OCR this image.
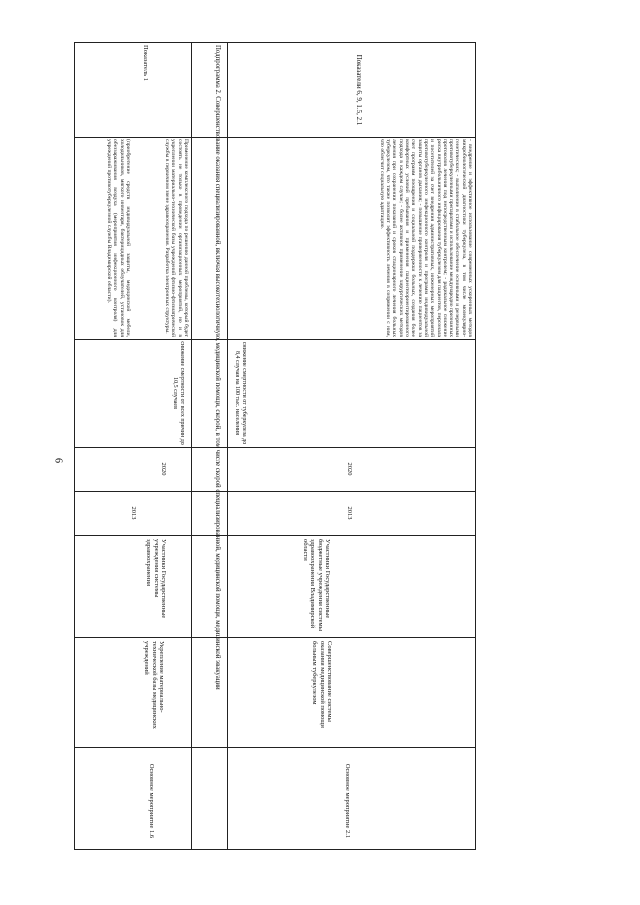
6
Основное мероприятие 1.6
Укрепление материально-технической базы медицинских учреждений
Участники Государственные учреждения системы здравоохранения
2013
2020
снижение смертности от всех причин до 10,5 случаев
(приобретение средств индивидуальной защиты, медицинской мебели, холодильников, мягкого инвентаря, бактерицидных облучателей, установок для обеззараживания воздуха (мероприятия инфекционного контроля) для учреждений противотуберкулезной службы Владимирской области).	Применение комплексного подхода по решению данной проблемы, который будет состоять не только в проведении организационных мероприятий, но и в укреплении материально-технической базы учреждений фтизио-фтизиатрической службы в первичном звене здравоохранения. Разработка электронных структуры.
Показатель 1	Подпрограмма 2. Совершенствование оказания специализированной, включая высокотехнологичную, медицинской помощи, скорой, в том числе скорой специализированной, медицинской помощи, медицинской эвакуации
Основное мероприятие 2.1
Совершенствование системы оказания медицинской помощи больным туберкулезом
Участники Государственные бюджетные учреждения системы здравоохранения Владимирской области
2013
2020
снижение смертности от туберкулеза до 8,4 случая на 100 тыс. населения
- внедрение и эффективное использование современных ускоренных методов микробиологической диагностики туберкулеза, в том числе молекулярно-генетических; - выполнение в стабильное обеспечение основными и резервными противотуберкулезными препаратами и использование международно признанных протоколов лечения под непосредственным контролем; - радикальное снижение риска внутрибольничного инфицирования туберкулезом для пациентов, персонала и посетителей за счет внедрения административных, инженерных мероприятий противотуберкулезного инфекционного контроля и программ индивидуальной защиты органов дыхания; - повышение приверженности к лечению пациентов за счет программ поощрения и социальной поддержки больных, создания более комфортных условий пребывания и применения пациентоориентированного подхода в каждом случае; - более активное применение хирургических методов лечения при сохранении показаний и сроков стационарного лечения больных туберкулезом, что также позволит эффективность лечения в сопряжении с ним, что облегчит социальную адаптацию.
Показатели 6, 9, 1.5, 2.1
